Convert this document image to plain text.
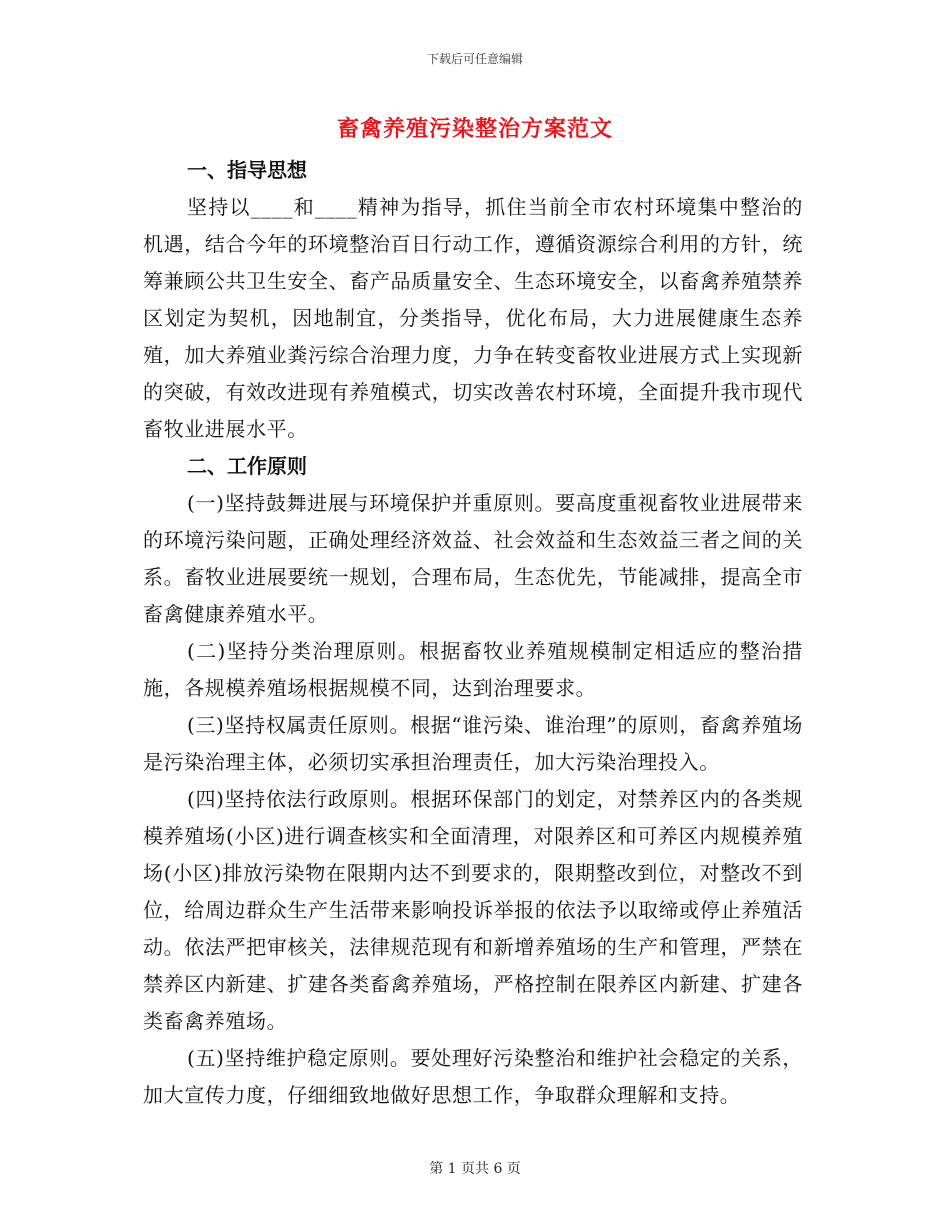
下载后可任意编辑
畜禽养殖污染整治方案范文

一、指导思想

坚持以____和____精神为指导，抓住当前全市农村环境集中整治的机遇，结合今年的环境整治百日行动工作，遵循资源综合利用的方针，统筹兼顾公共卫生安全、畜产品质量安全、生态环境安全，以畜禽养殖禁养区划定为契机，因地制宜，分类指导，优化布局，大力进展健康生态养殖，加大养殖业粪污综合治理力度，力争在转变畜牧业进展方式上实现新的突破，有效改进现有养殖模式，切实改善农村环境，全面提升我市现代畜牧业进展水平。

二、工作原则

(一)坚持鼓舞进展与环境保护并重原则。要高度重视畜牧业进展带来的环境污染问题，正确处理经济效益、社会效益和生态效益三者之间的关系。畜牧业进展要统一规划，合理布局，生态优先，节能减排，提高全市畜禽健康养殖水平。

(二)坚持分类治理原则。根据畜牧业养殖规模制定相适应的整治措施，各规模养殖场根据规模不同，达到治理要求。

(三)坚持权属责任原则。根据“谁污染、谁治理”的原则，畜禽养殖场是污染治理主体，必须切实承担治理责任，加大污染治理投入。

(四)坚持依法行政原则。根据环保部门的划定，对禁养区内的各类规模养殖场(小区)进行调查核实和全面清理，对限养区和可养区内规模养殖场(小区)排放污染物在限期内达不到要求的，限期整改到位，对整改不到位，给周边群众生产生活带来影响投诉举报的依法予以取缔或停止养殖活动。依法严把审核关，法律规范现有和新增养殖场的生产和管理，严禁在禁养区内新建、扩建各类畜禽养殖场，严格控制在限养区内新建、扩建各类畜禽养殖场。

(五)坚持维护稳定原则。要处理好污染整治和维护社会稳定的关系，加大宣传力度，仔细细致地做好思想工作，争取群众理解和支持。

第 1 页共 6 页
